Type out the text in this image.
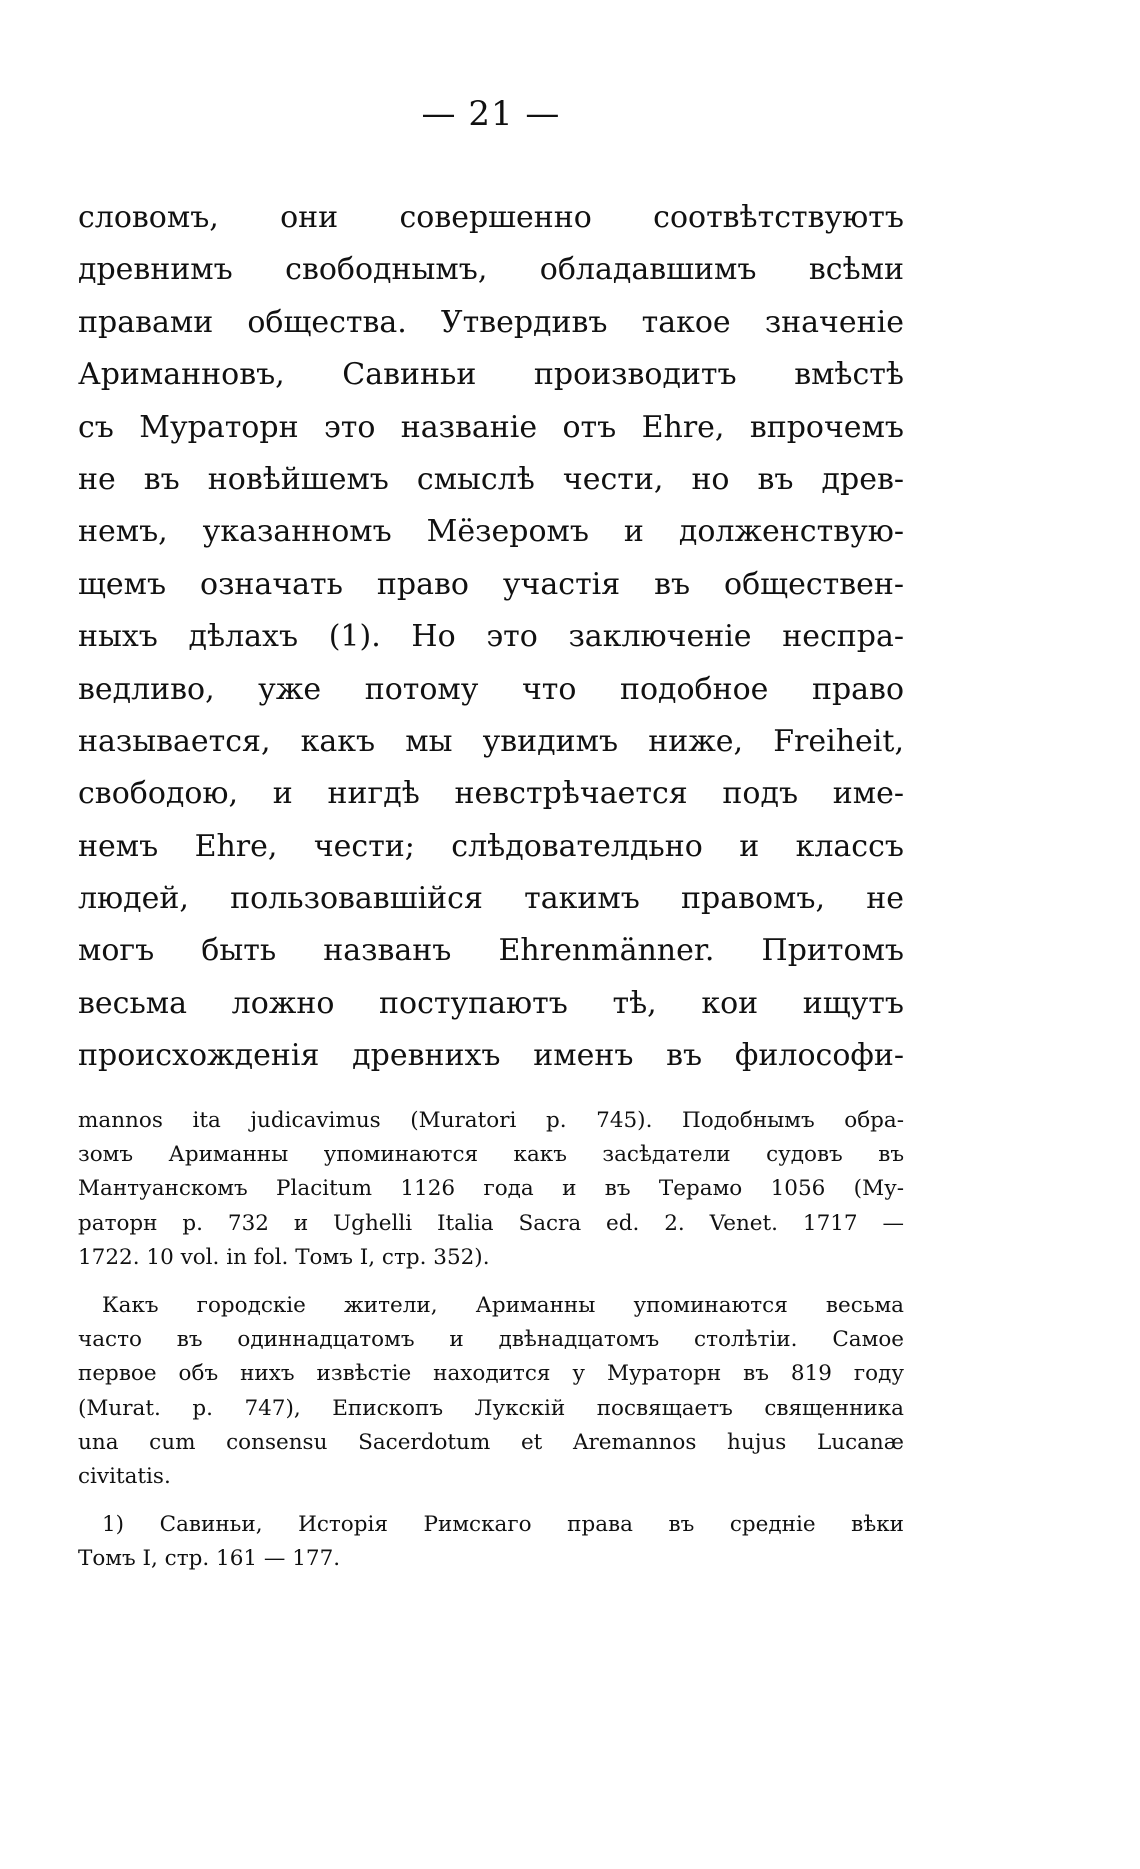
— 21 —
словомъ, они совершенно соотвѣтствуютъ
древнимъ свободнымъ, обладавшимъ всѣми
правами общества. Утвердивъ такое значеніе
Ариманновъ, Савиньи производитъ вмѣстѣ
съ Мураторн это названіе отъ Ehre, впрочемъ
не въ новѣйшемъ смыслѣ чести, но въ древ-
немъ, указанномъ Мёзеромъ и долженствую-
щемъ означать право участія въ обществен-
ныхъ дѣлахъ (1). Но это заключеніе неспра-
ведливо, уже потому что подобное право
называется, какъ мы увидимъ ниже, Freiheit,
свободою, и нигдѣ невстрѣчается подъ име-
немъ Ehre, чести; слѣдователдьно и классъ
людей, пользовавшійся такимъ правомъ, не
могъ быть названъ Ehrenmänner. Притомъ
весьма ложно поступаютъ тѣ, кои ищутъ
происхожденія древнихъ именъ въ философи-
mannos ita judicavimus (Muratori p. 745). Подобнымъ обра-
зомъ Ариманны упоминаются какъ засѣдатели судовъ въ
Мантуанскомъ Placitum 1126 года и въ Терамо 1056 (Му-
раторн р. 732 и Ughelli Italia Sacra ed. 2. Venet. 1717 —
1722. 10 vol. in fol. Томъ I, стр. 352).
Какъ городскіе жители, Ариманны упоминаются весьма
часто въ одиннадцатомъ и двѣнадцатомъ столѣтіи. Самое
первое объ нихъ извѣстіе находится у Мураторн въ 819 году
(Murat. p. 747), Епископъ Лукскій посвящаетъ священника
una cum consensu Sacerdotum et Aremannos hujus Lucanæ
civitatis.
1) Савиньи, Исторія Римскаго права въ средніе вѣки
Томъ I, стр. 161 — 177.
